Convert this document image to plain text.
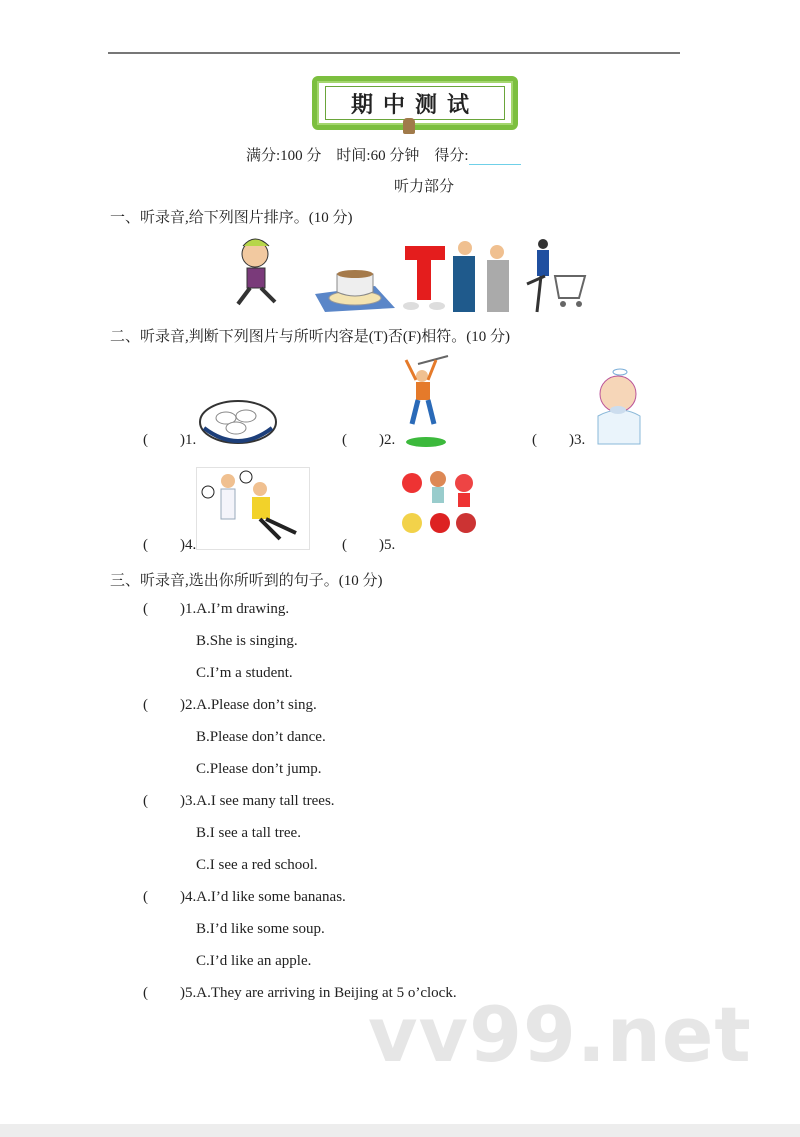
期中测试
满分:100 分 时间:60 分钟 得分:
听力部分
一、听录音,给下列图片排序。(10 分)
二、听录音,判断下列图片与所听内容是(T)否(F)相符。(10 分)
( )1.	( )2.	( )3.
( )4.	( )5.
三、听录音,选出你所听到的句子。(10 分)
( )1.A.I’m drawing.
B.She is singing.
C.I’m a student.
( )2.A.Please don’t sing.
B.Please don’t dance.
C.Please don’t jump.
( )3.A.I see many tall trees.
B.I see a tall tree.
C.I see a red school.
( )4.A.I’d like some bananas.
B.I’d like some soup.
C.I’d like an apple.
( )5.A.They are arriving in Beijing at 5 o’clock.
vv99.net
